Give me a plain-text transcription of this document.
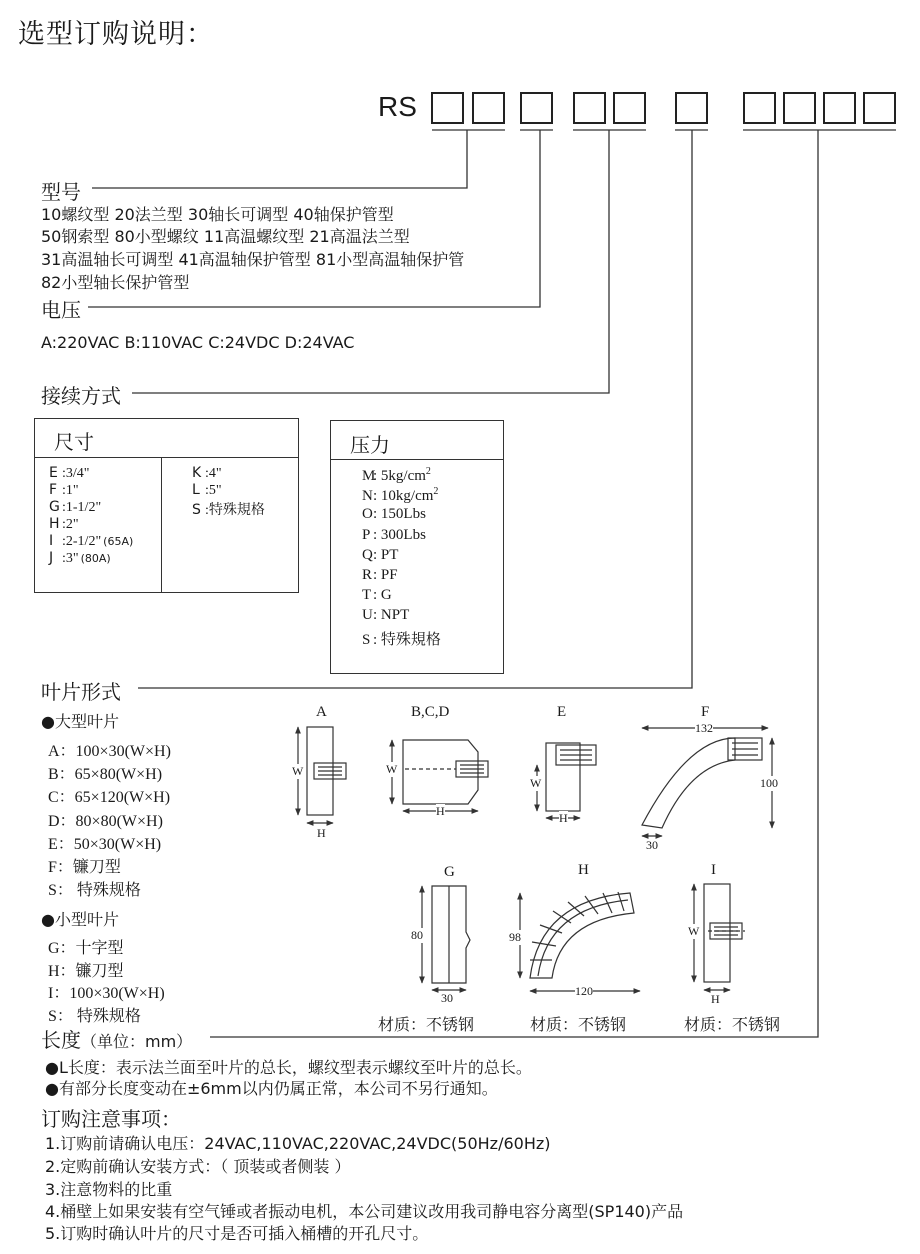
选型订购说明：
RS
型号
10螺纹型 20法兰型 30轴长可调型 40轴保护管型
50钢索型 80小型螺纹 11高温螺纹型 21高温法兰型
31高温轴长可调型 41高温轴保护管型 81小型高温轴保护管
82小型轴长保护管型
电压
A:220VAC B:110VAC C:24VDC D:24VAC
接续方式
尺寸
E :3/4"
F :1"
G :1-1/2"
H :2"
I :2-1/2" (65A)
J :3" (80A)
K :4"
L :5"
S :特殊規格
压力
M: $5kg/cm^2$
N: $10kg/cm^2$
O: 150Lbs
P : 300Lbs
Q: PT
R: PF
T : G
U: NPT
S : 特殊規格
叶片形式
●大型叶片
A：100×30(W×H)
B：65×80(W×H)
C：65×120(W×H)
D：80×80(W×H)
E：50×30(W×H)
F：镰刀型
S： 特殊规格
●小型叶片
G：十字型
H：镰刀型
I：100×30(W×H)
S： 特殊规格
A	B,C,D	E	F
G	H	I
W
H
W
H
W
H
132
100
30
80
30
98
120
W
H
材质：不锈钢	材质：不锈钢	材质：不锈钢
长度（单位：mm）
●L长度：表示法兰面至叶片的总长，螺纹型表示螺纹至叶片的总长。
●有部分长度变动在±6mm以内仍属正常，本公司不另行通知。
订购注意事项：
1.订购前请确认电压：24VAC,110VAC,220VAC,24VDC(50Hz/60Hz)
2.定购前确认安装方式：（ 顶装或者侧装 ）
3.注意物料的比重
4.桶壁上如果安装有空气锤或者振动电机，本公司建议改用我司静电容分离型(SP140)产品
5.订购时确认叶片的尺寸是否可插入桶槽的开孔尺寸。
